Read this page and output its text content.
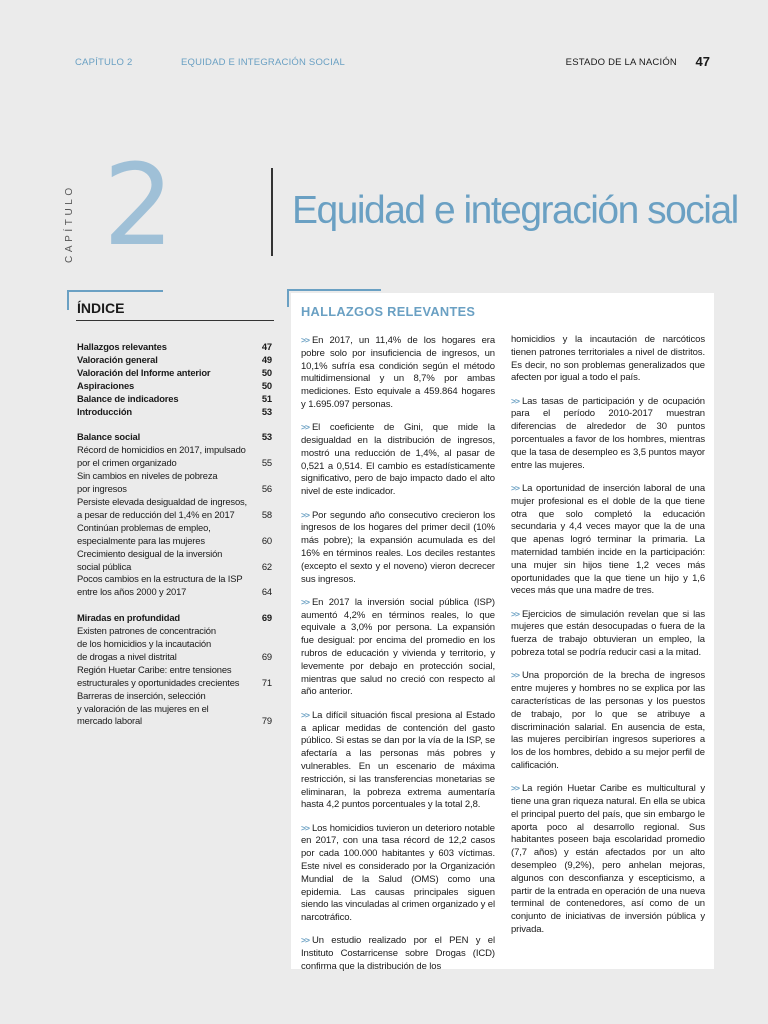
CAPÍTULO 2	EQUIDAD E INTEGRACIÓN SOCIAL	ESTADO DE LA NACIÓN 47
CAPÍTULO 2	Equidad e integración social
ÍNDICE
Hallazgos relevantes	47
Valoración general	49
Valoración del Informe anterior	50
Aspiraciones	50
Balance de indicadores	51
Introducción	53
Balance social	53
Récord de homicidios en 2017, impulsado
por el crimen organizado	55
Sin cambios en niveles de pobreza
por ingresos	56
Persiste elevada desigualdad de ingresos,
a pesar de reducción del 1,4% en 2017	58
Continúan problemas de empleo,
especialmente para las mujeres	60
Crecimiento desigual de la inversión
social pública	62
Pocos cambios en la estructura de la ISP
entre los años 2000 y 2017	64
Miradas en profundidad	69
Existen patrones de concentración
de los homicidios y la incautación
de drogas a nivel distrital	69
Región Huetar Caribe: entre tensiones
estructurales y oportunidades crecientes	71
Barreras de inserción, selección
y valoración de las mujeres en el
mercado laboral	79
HALLAZGOS RELEVANTES

>> En 2017, un 11,4% de los hogares era pobre solo por insuficiencia de ingresos, un 10,1% sufría esa condición según el método multidimensional y un 8,7% por ambas mediciones. Esto equivale a 459.864 hogares y 1.695.097 personas.

>> El coeficiente de Gini, que mide la desigualdad en la distribución de ingresos, mostró una reducción de 1,4%, al pasar de 0,521 a 0,514. El cambio es estadísticamente significativo, pero de bajo impacto dado el alto nivel de este indicador.

>> Por segundo año consecutivo crecieron los ingresos de los hogares del primer decil (10% más pobre); la expansión acumulada es del 16% en términos reales. Los deciles restantes (excepto el sexto y el noveno) vieron decrecer sus ingresos.

>> En 2017 la inversión social pública (ISP) aumentó 4,2% en términos reales, lo que equivale a 3,0% por persona. La expansión fue desigual: por encima del promedio en los rubros de educación y vivienda y territorio, y levemente por debajo en protección social, mientras que salud no creció con respecto al año anterior.

>> La difícil situación fiscal presiona al Estado a aplicar medidas de contención del gasto público. Si estas se dan por la vía de la ISP, se afectaría a las personas más pobres y vulnerables. En un escenario de máxima restricción, si las transferencias monetarias se eliminaran, la pobreza extrema aumentaría hasta 4,2 puntos porcentuales y la total 2,8.

>> Los homicidios tuvieron un deterioro notable en 2017, con una tasa récord de 12,2 casos por cada 100.000 habitantes y 603 víctimas. Este nivel es considerado por la Organización Mundial de la Salud (OMS) como una epidemia. Las causas principales siguen siendo las vinculadas al crimen organizado y el narcotráfico.

>> Un estudio realizado por el PEN y el Instituto Costarricense sobre Drogas (ICD) confirma que la distribución de los

homicidios y la incautación de narcóticos tienen patrones territoriales a nivel de distritos. Es decir, no son problemas generalizados que afecten por igual a todo el país.

>> Las tasas de participación y de ocupación para el período 2010-2017 muestran diferencias de alrededor de 30 puntos porcentuales a favor de los hombres, mientras que la tasa de desempleo es 3,5 puntos mayor entre las mujeres.

>> La oportunidad de inserción laboral de una mujer profesional es el doble de la que tiene otra que solo completó la educación secundaria y 4,4 veces mayor que la de una que apenas logró terminar la primaria. La maternidad también incide en la participación: una mujer sin hijos tiene 1,2 veces más oportunidades que la que tiene un hijo y 1,6 veces más que una madre de tres.

>> Ejercicios de simulación revelan que si las mujeres que están desocupadas o fuera de la fuerza de trabajo obtuvieran un empleo, la pobreza total se podría reducir casi a la mitad.

>> Una proporción de la brecha de ingresos entre mujeres y hombres no se explica por las características de las personas y los puestos de trabajo, por lo que se atribuye a discriminación salarial. En ausencia de esta, las mujeres percibirían ingresos superiores a los de los hombres, debido a su mejor perfil de calificación.

>> La región Huetar Caribe es multicultural y tiene una gran riqueza natural. En ella se ubica el principal puerto del país, que sin embargo le aporta poco al desarrollo regional. Sus habitantes poseen baja escolaridad promedio (7,7 años) y están afectados por un alto desempleo (9,2%), pero anhelan mejoras, algunos con desconfianza y escepticismo, a partir de la entrada en operación de una nueva terminal de contenedores, así como de un conjunto de iniciativas de inversión pública y privada.
